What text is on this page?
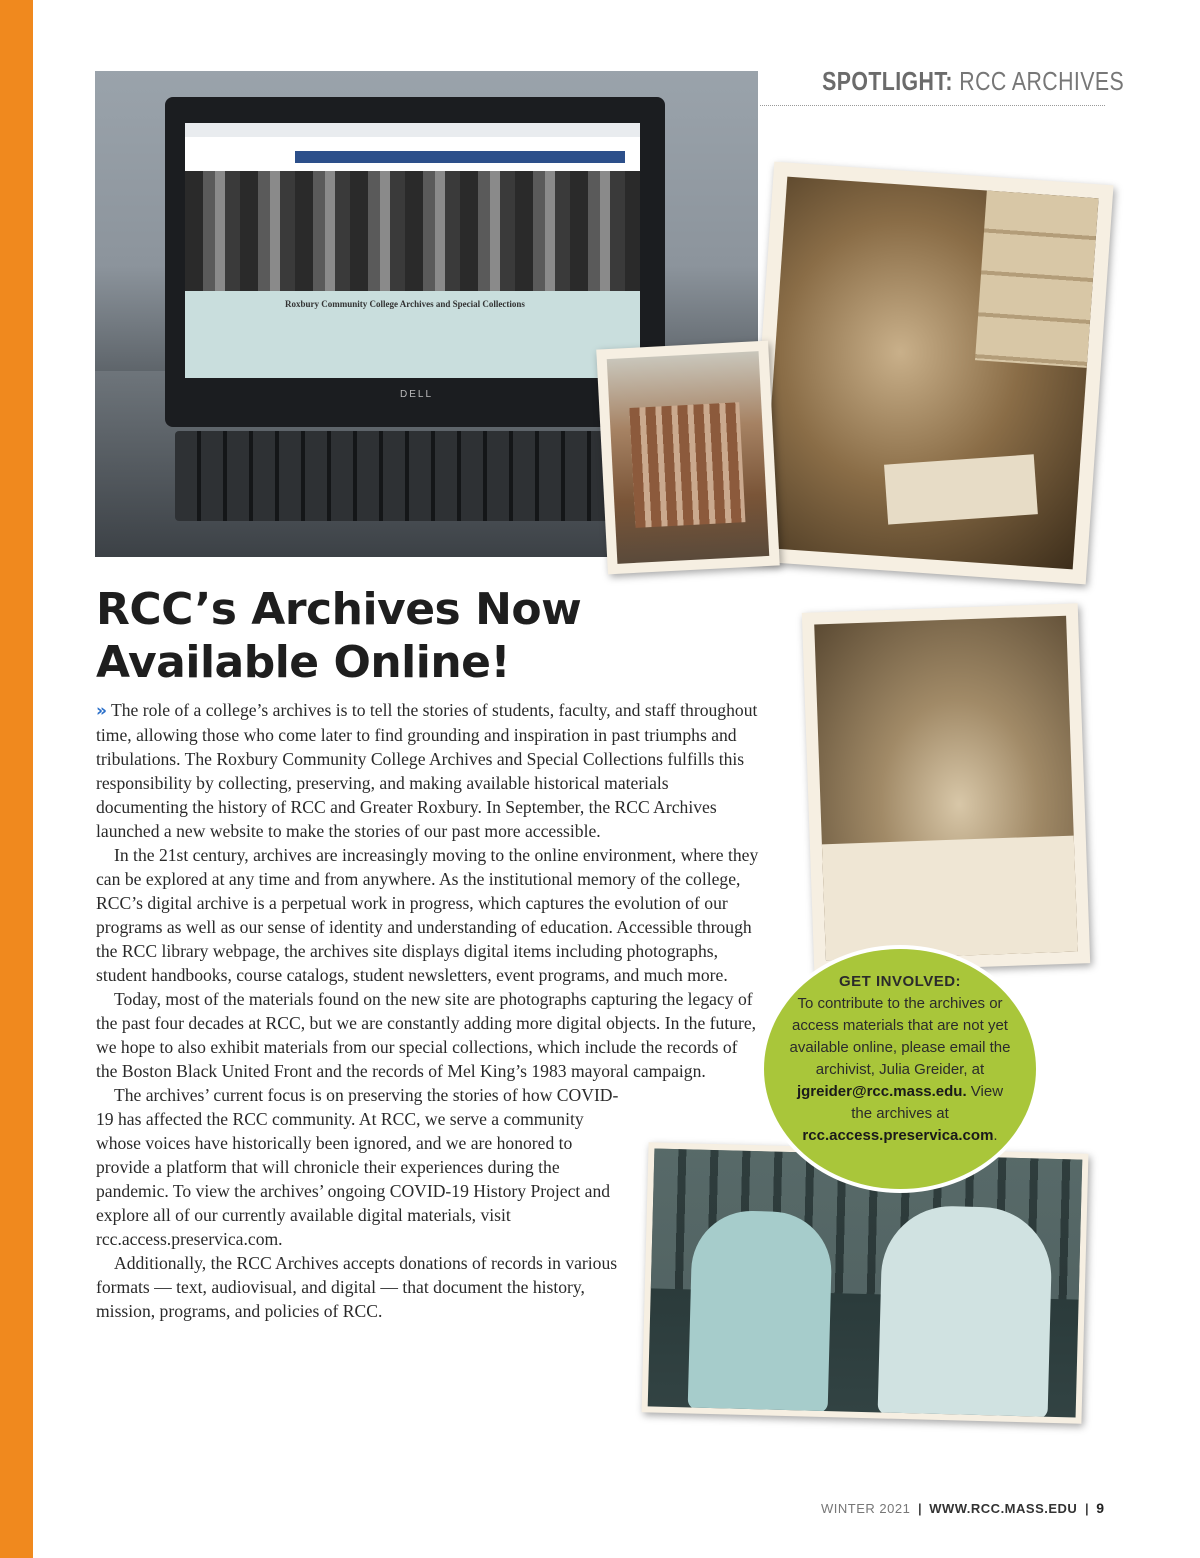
SPOTLIGHT: RCC ARCHIVES
Roxbury Community College Archives and Special Collections
DELL
RCC’s Archives Now Available Online!

» The role of a college’s archives is to tell the stories of students, faculty, and staff throughout time, allowing those who come later to find grounding and inspiration in past triumphs and tribulations. The Roxbury Community College Archives and Special Collections fulfills this responsibility by collecting, preserving, and making available historical materials documenting the history of RCC and Greater Roxbury. In September, the RCC Archives launched a new website to make the stories of our past more accessible.

In the 21st century, archives are increasingly moving to the online environment, where they can be explored at any time and from anywhere. As the institutional memory of the college, RCC’s digital archive is a perpetual work in progress, which captures the evolution of our programs as well as our sense of identity and understanding of education. Accessible through the RCC library webpage, the archives site displays digital items including photographs, student handbooks, course catalogs, student newsletters, event programs, and much more.

Today, most of the materials found on the new site are photographs capturing the legacy of the past four decades at RCC, but we are constantly adding more digital objects. In the future, we hope to also exhibit materials from our special collections, which include the records of the Boston Black United Front and the records of Mel King’s 1983 mayoral campaign.

The archives’ current focus is on preserving the stories of how COVID-19 has affected the RCC community. At RCC, we serve a community whose voices have historically been ignored, and we are honored to provide a platform that will chronicle their experiences during the pandemic. To view the archives’ ongoing COVID-19 History Project and explore all of our currently available digital materials, visit rcc.access.preservica.com.

Additionally, the RCC Archives accepts donations of records in various formats — text, audiovisual, and digital — that document the history, mission, programs, and policies of RCC.

GET INVOLVED:
To contribute to the archives or access materials that are not yet available online, please email the archivist, Julia Greider, at jgreider@rcc.mass.edu. View the archives at rcc.access.preservica.com.
WINTER 2021 | WWW.RCC.MASS.EDU | 9
